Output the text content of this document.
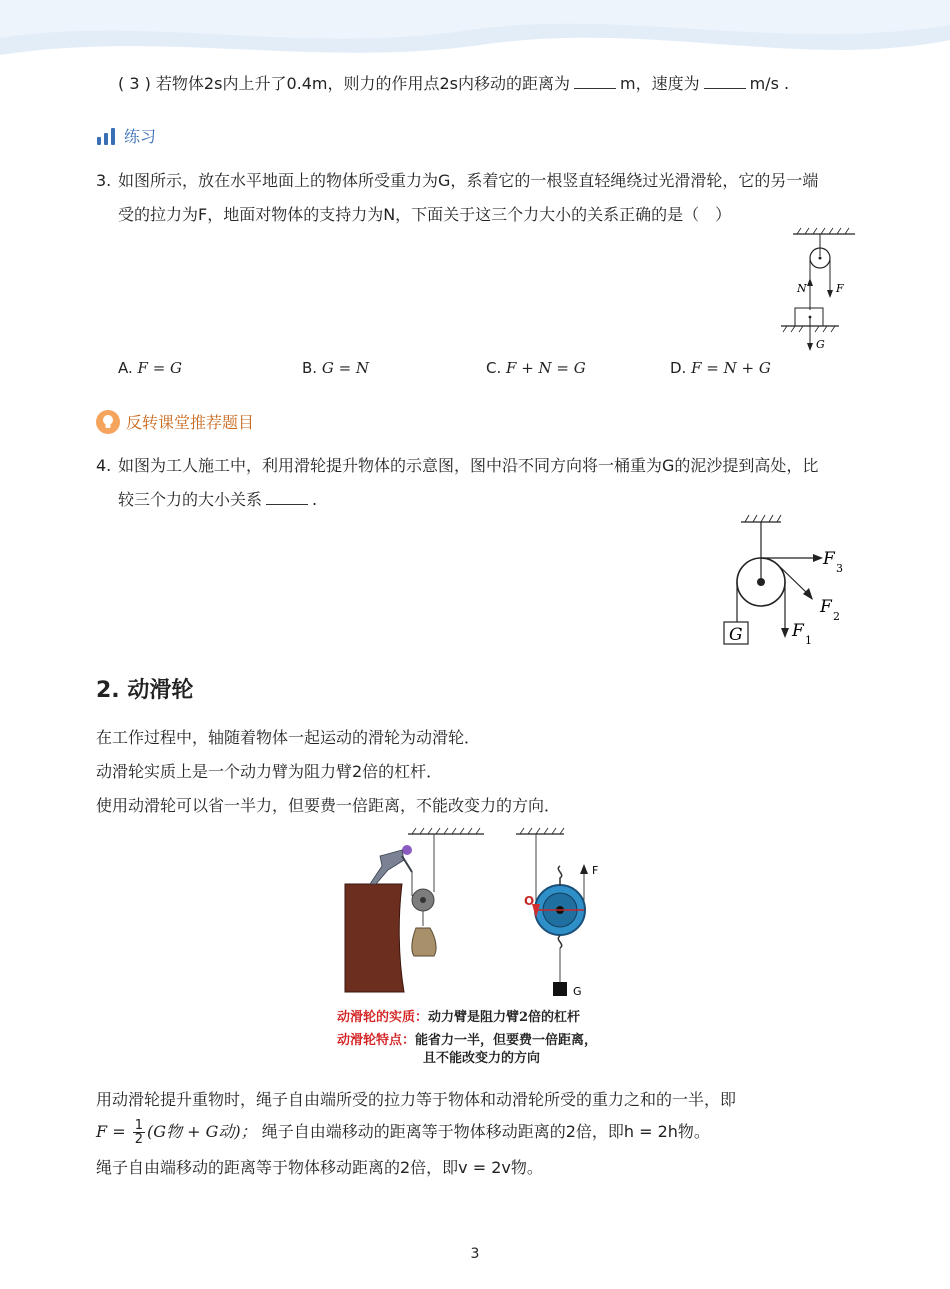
( 3 ) 若物体2s内上升了0.4m，则力的作用点2s内移动的距离为	m，速度为	m/s .
练习
3. 如图所示，放在水平地面上的物体所受重力为G，系着它的一根竖直轻绳绕过光滑滑轮，它的另一端
受的拉力为F，地面对物体的支持力为N，下面关于这三个力大小的关系正确的是（　）
N	F
G
A. F = G	B. G = N	C. F + N = G	D. F = N + G
反转课堂推荐题目
4. 如图为工人施工中，利用滑轮提升物体的示意图，图中沿不同方向将一桶重为G的泥沙提到高处，比
较三个力的大小关系	.
G
F 3
F 2
F 1
2. 动滑轮
在工作过程中，轴随着物体一起运动的滑轮为动滑轮．
动滑轮实质上是一个动力臂为阻力臂2倍的杠杆．
使用动滑轮可以省一半力，但要费一倍距离，不能改变力的方向．
F
G
O
动滑轮的实质：动力臂是阻力臂2倍的杠杆
动滑轮特点：能省力一半，但要费一倍距离，
且不能改变力的方向
用动滑轮提升重物时，绳子自由端所受的拉力等于物体和动滑轮所受的重力之和的一半，即
$F = \frac{1}{2} (G$物 + G动)； 绳子自由端移动的距离等于物体移动距离的2倍，即h = 2h物。
绳子自由端移动的距离等于物体移动距离的2倍，即v = 2v物。
3
